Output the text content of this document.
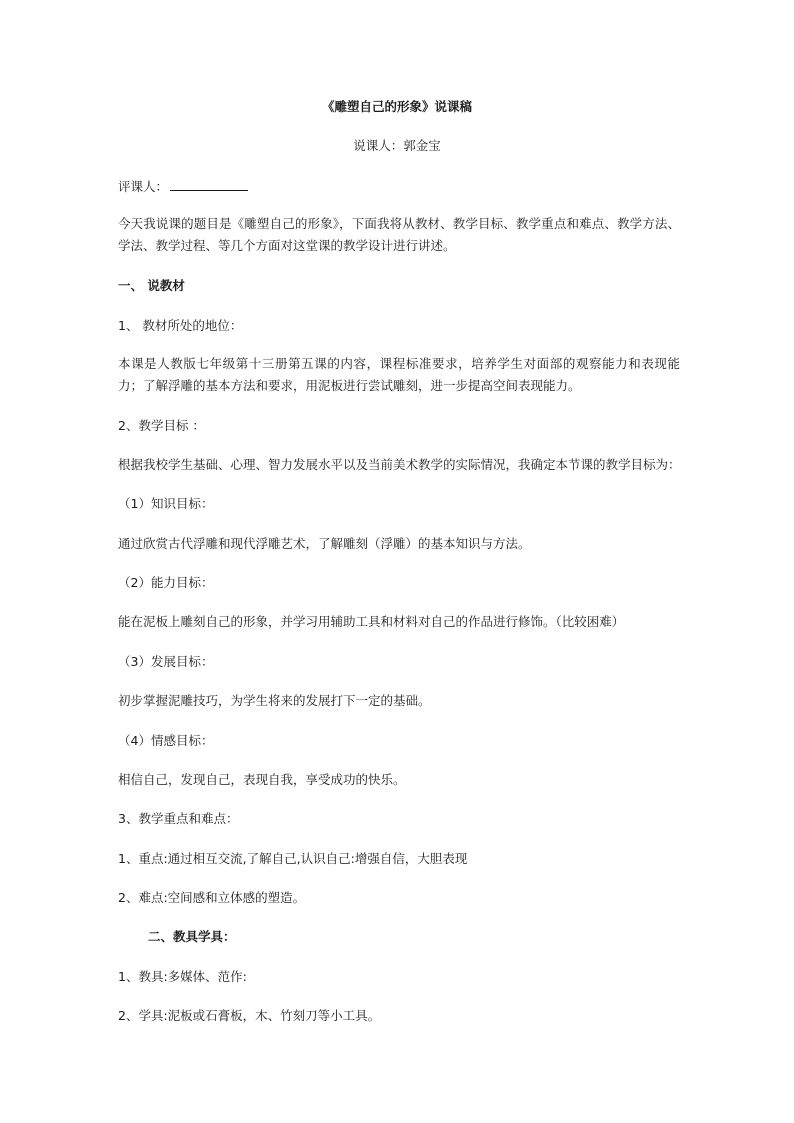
《雕塑自己的形象》说课稿
说课人：郭金宝
评课人：
今天我说课的题目是《雕塑自己的形象》，下面我将从教材、教学目标、教学重点和难点、教学方法、学法、教学过程、等几个方面对这堂课的教学设计进行讲述。
一、 说教材
1、 教材所处的地位：
本课是人教版七年级第十三册第五课的内容，课程标准要求，培养学生对面部的观察能力和表现能力；了解浮雕的基本方法和要求，用泥板进行尝试雕刻，进一步提高空间表现能力。
2、教学目标 ：
根据我校学生基础、心理、智力发展水平以及当前美术教学的实际情况，我确定本节课的教学目标为：
（1）知识目标：
通过欣赏古代浮雕和现代浮雕艺术，了解雕刻（浮雕）的基本知识与方法。
（2）能力目标：
能在泥板上雕刻自己的形象，并学习用辅助工具和材料对自己的作品进行修饰。（比较困难）
（3）发展目标：
初步掌握泥雕技巧，为学生将来的发展打下一定的基础。
（4）情感目标：
相信自己，发现自己，表现自我，享受成功的快乐。
3、教学重点和难点：
1、重点:通过相互交流,了解自己,认识自己:增强自信，大胆表现
2、难点:空间感和立体感的塑造。
二、教具学具：
1、教具:多媒体、范作:
2、学具:泥板或石膏板，木、竹刻刀等小工具。
